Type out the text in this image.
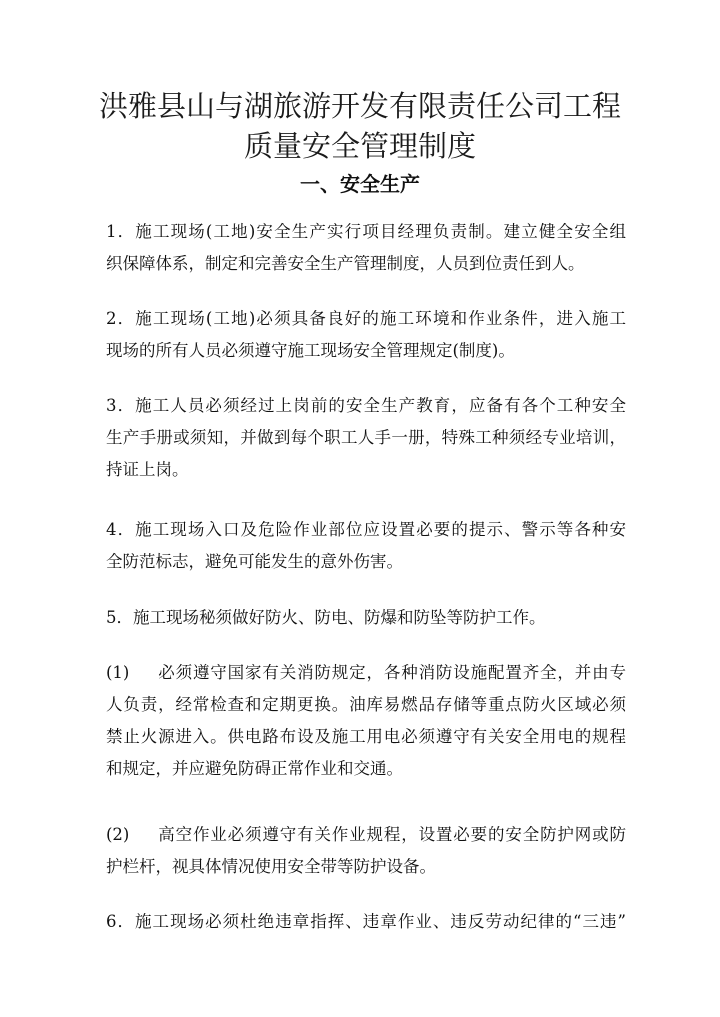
洪雅县山与湖旅游开发有限责任公司工程
质量安全管理制度
一、安全生产
1．施工现场(工地)安全生产实行项目经理负责制。建立健全安全组
织保障体系，制定和完善安全生产管理制度，人员到位责任到人。
2．施工现场(工地)必须具备良好的施工环境和作业条件，进入施工
现场的所有人员必须遵守施工现场安全管理规定(制度)。
3．施工人员必须经过上岗前的安全生产教育，应备有各个工种安全
生产手册或须知，并做到每个职工人手一册，特殊工种须经专业培训，
持证上岗。
4．施工现场入口及危险作业部位应设置必要的提示、警示等各种安
全防范标志，避免可能发生的意外伤害。
5．施工现场秘须做好防火、防电、防爆和防坠等防护工作。
(1) 必须遵守国家有关消防规定，各种消防设施配置齐全，并由专
人负责，经常检查和定期更换。油库易燃品存储等重点防火区域必须
禁止火源进入。供电路布设及施工用电必须遵守有关安全用电的规程
和规定，并应避免防碍正常作业和交通。
(2) 高空作业必须遵守有关作业规程，设置必要的安全防护网或防
护栏杆，视具体情况使用安全带等防护设备。
6．施工现场必须杜绝违章指挥、违章作业、违反劳动纪律的“三违”
